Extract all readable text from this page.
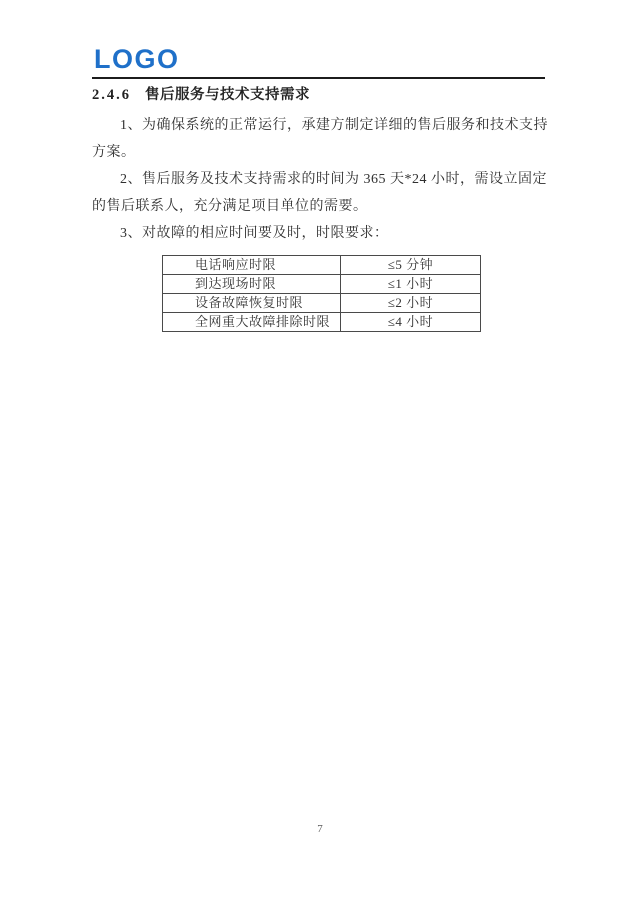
LOGO
2.4.6 售后服务与技术支持需求

1、为确保系统的正常运行，承建方制定详细的售后服务和技术支持方案。

2、售后服务及技术支持需求的时间为 365 天*24 小时，需设立固定的售后联系人，充分满足项目单位的需要。

3、对故障的相应时间要及时，时限要求：

电话响应时限	≤5 分钟
到达现场时限	≤1 小时
设备故障恢复时限	≤2 小时
全网重大故障排除时限	≤4 小时
7
